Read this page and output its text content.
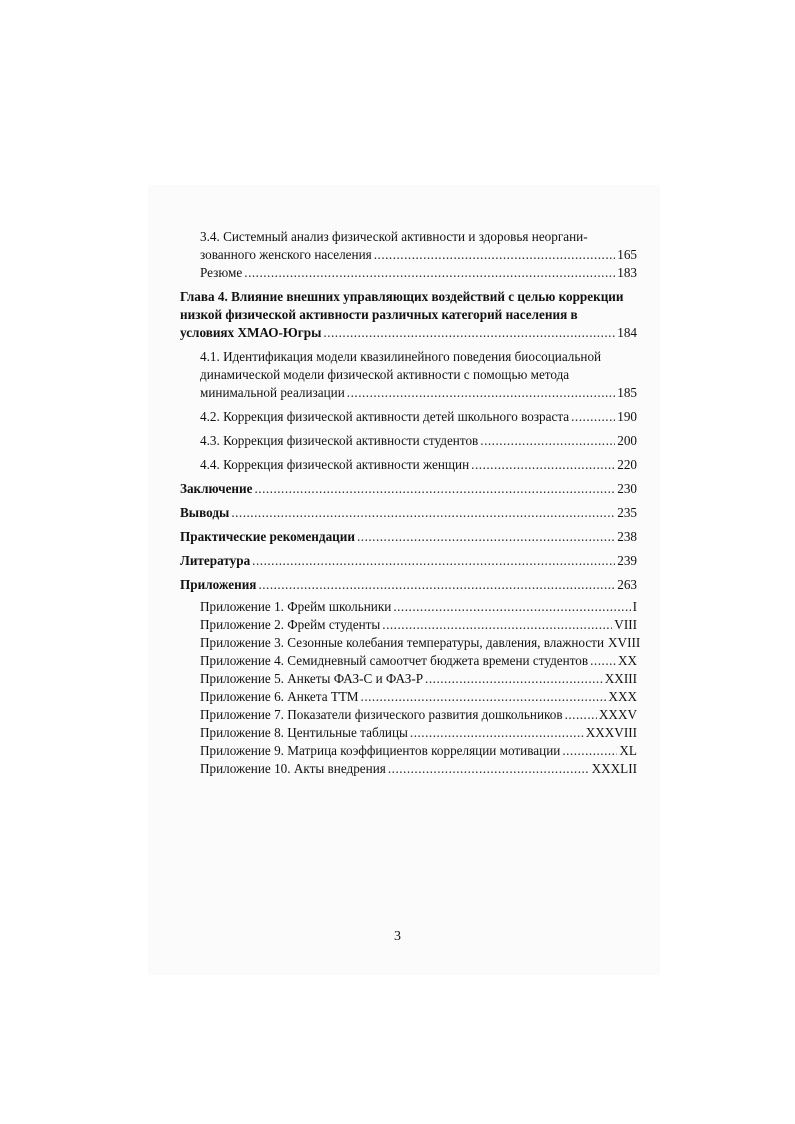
3.4. Системный анализ физической активности и здоровья неоргани-
зованного женского населения .....	165
Резюме .....	183
Глава 4. Влияние внешних управляющих воздействий с целью коррекции
низкой физической активности различных категорий населения в
условиях ХМАО-Югры .....	184
4.1. Идентификация модели квазилинейного поведения биосоциальной
динамической модели физической активности с помощью метода
минимальной реализации .....	185
4.2. Коррекция физической активности детей школьного возраста .....	190
4.3. Коррекция физической активности студентов .....	200
4.4. Коррекция физической активности женщин .....	220
Заключение .....	230
Выводы .....	235
Практические рекомендации .....	238
Литература .....	239
Приложения .....	263
Приложение 1. Фрейм школьники .....	I
Приложение 2. Фрейм студенты .....	VIII
Приложение 3. Сезонные колебания температуры, давления, влажности XVIII
Приложение 4. Семидневный самоотчет бюджета времени студентов ..... XX
Приложение 5. Анкеты ФАЗ-С и ФАЗ-Р .....	XXIII
Приложение 6. Анкета ТТМ .....	XXX
Приложение 7. Показатели физического развития дошкольников .....	XXXV
Приложение 8. Центильные таблицы .....	XXXVIII
Приложение 9. Матрица коэффициентов корреляции мотивации .....	XL
Приложение 10. Акты внедрения .....	XXXLII
3
